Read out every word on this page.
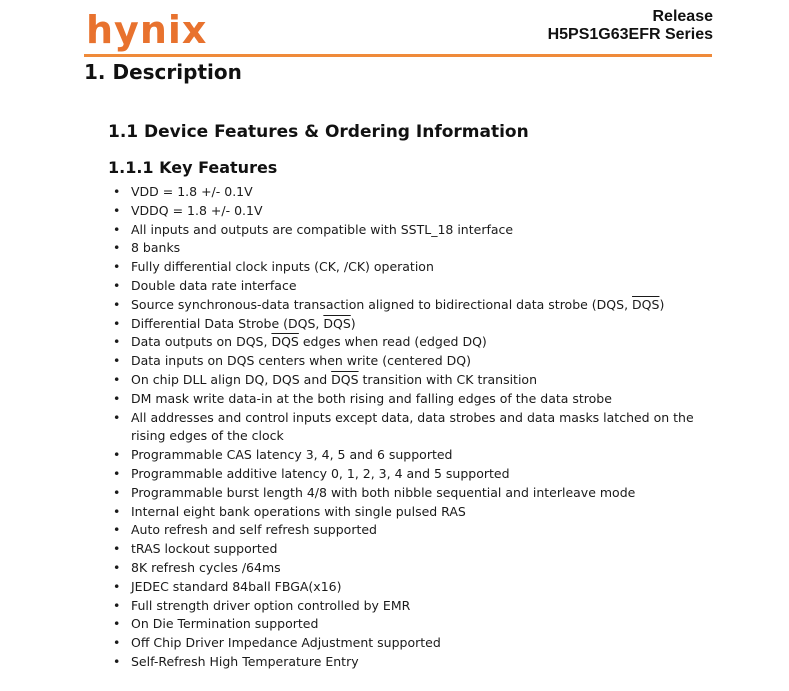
hynix	Release
H5PS1G63EFR Series
1. Description
1.1 Device Features & Ordering Information
1.1.1 Key Features
• VDD = 1.8 +/- 0.1V
• VDDQ = 1.8 +/- 0.1V
• All inputs and outputs are compatible with SSTL_18 interface
• 8 banks
• Fully differential clock inputs (CK, /CK) operation
• Double data rate interface
• Source synchronous-data transaction aligned to bidirectional data strobe (DQS, $\overline{DQS}$)
• Differential Data Strobe (DQS, $\overline{DQS}$)
• Data outputs on DQS, $\overline{DQS}$ edges when read (edged DQ)
• Data inputs on DQS centers when write (centered DQ)
• On chip DLL align DQ, DQS and $\overline{DQS}$ transition with CK transition
• DM mask write data-in at the both rising and falling edges of the data strobe
• All addresses and control inputs except data, data strobes and data masks latched on the rising edges of the clock
• Programmable CAS latency 3, 4, 5 and 6 supported
• Programmable additive latency 0, 1, 2, 3, 4 and 5 supported
• Programmable burst length 4/8 with both nibble sequential and interleave mode
• Internal eight bank operations with single pulsed RAS
• Auto refresh and self refresh supported
• tRAS lockout supported
• 8K refresh cycles /64ms
• JEDEC standard 84ball FBGA(x16)
• Full strength driver option controlled by EMR
• On Die Termination supported
• Off Chip Driver Impedance Adjustment supported
• Self-Refresh High Temperature Entry
